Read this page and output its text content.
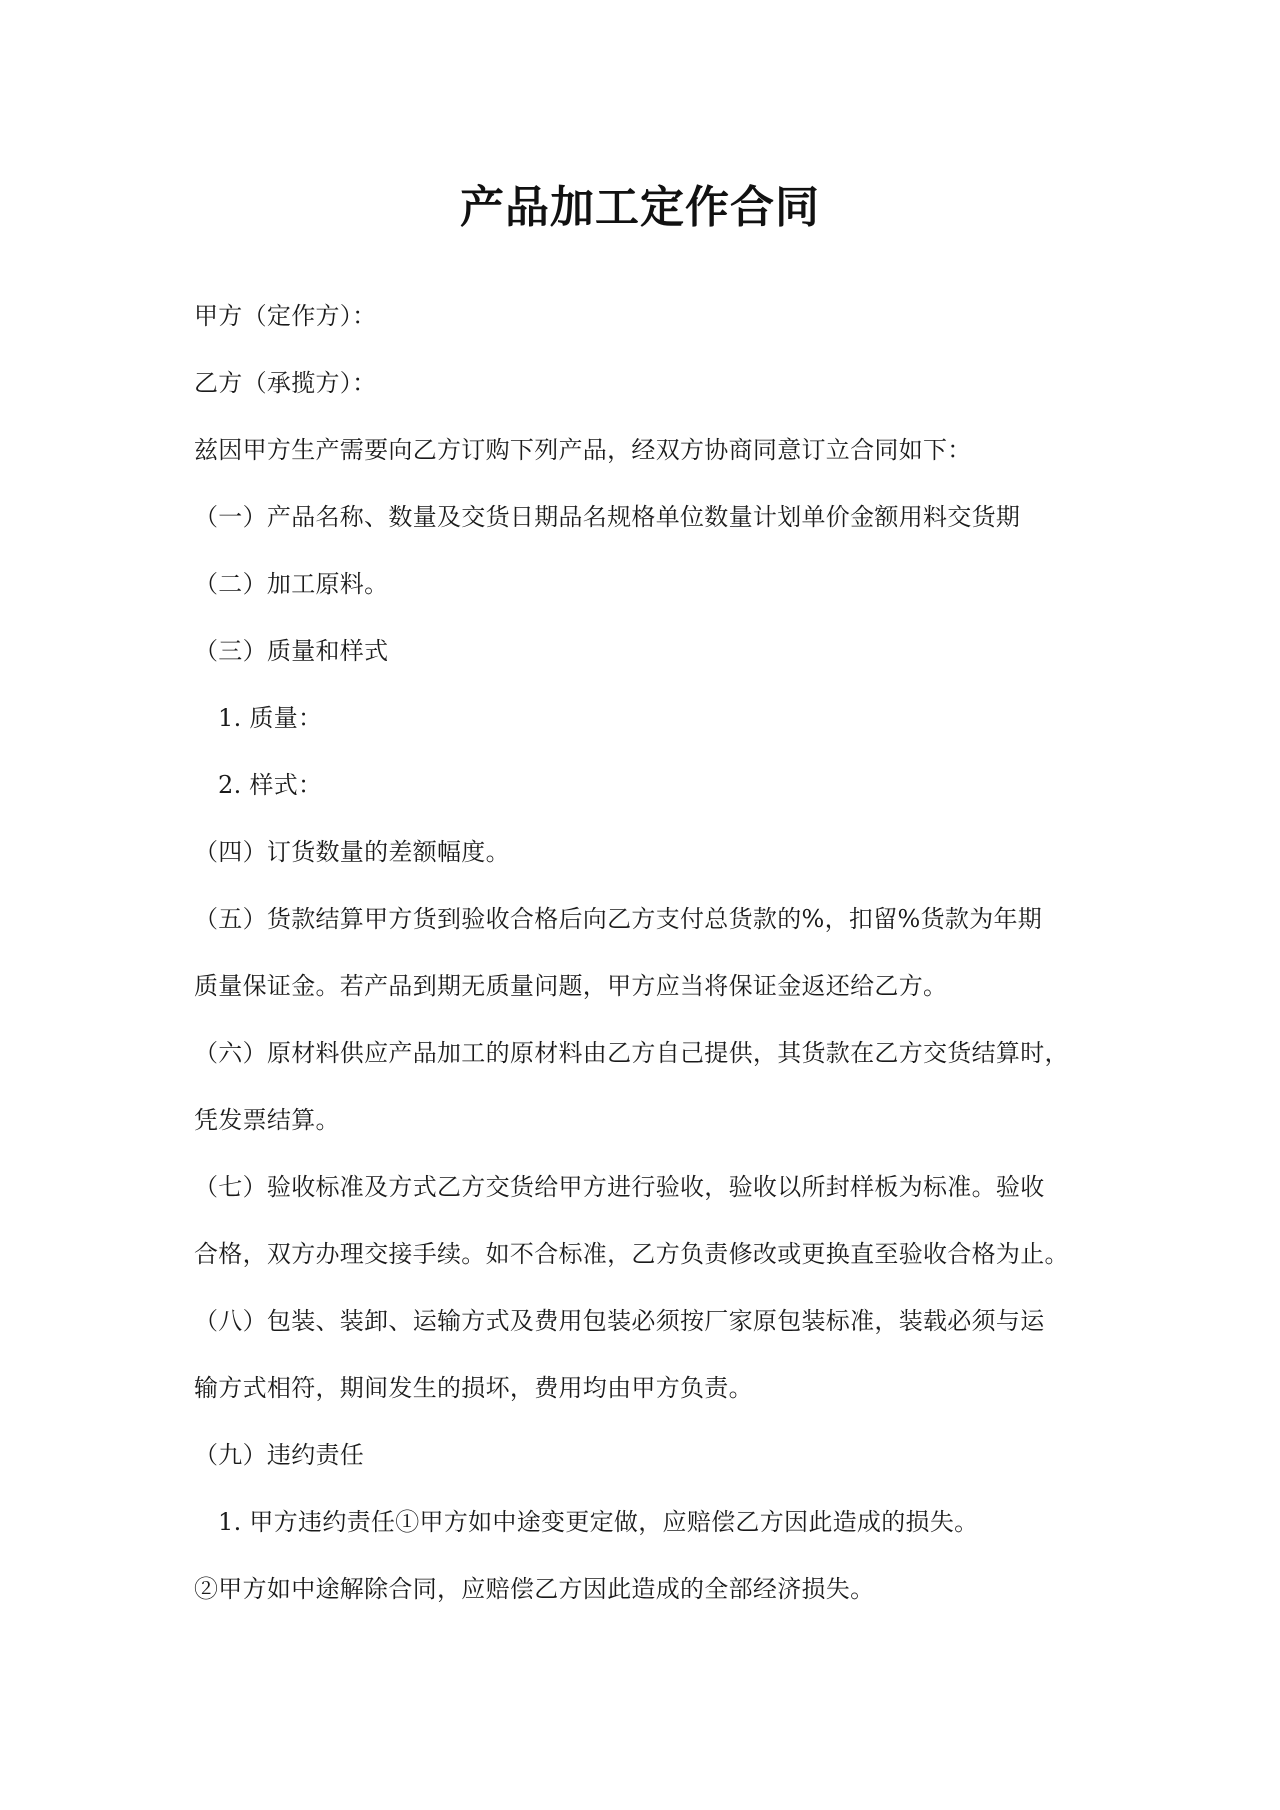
产品加工定作合同
甲方（定作方）：
乙方（承揽方）：
兹因甲方生产需要向乙方订购下列产品，经双方协商同意订立合同如下：
（一）产品名称、数量及交货日期品名规格单位数量计划单价金额用料交货期
（二）加工原料。
（三）质量和样式
1. 质量：
2. 样式：
（四）订货数量的差额幅度。
（五）货款结算甲方货到验收合格后向乙方支付总货款的%，扣留%货款为年期
质量保证金。若产品到期无质量问题，甲方应当将保证金返还给乙方。
（六）原材料供应产品加工的原材料由乙方自己提供，其货款在乙方交货结算时，
凭发票结算。
（七）验收标准及方式乙方交货给甲方进行验收，验收以所封样板为标准。验收
合格，双方办理交接手续。如不合标准，乙方负责修改或更换直至验收合格为止。
（八）包装、装卸、运输方式及费用包装必须按厂家原包装标准，装载必须与运
输方式相符，期间发生的损坏，费用均由甲方负责。
（九）违约责任
1. 甲方违约责任①甲方如中途变更定做，应赔偿乙方因此造成的损失。
②甲方如中途解除合同，应赔偿乙方因此造成的全部经济损失。
